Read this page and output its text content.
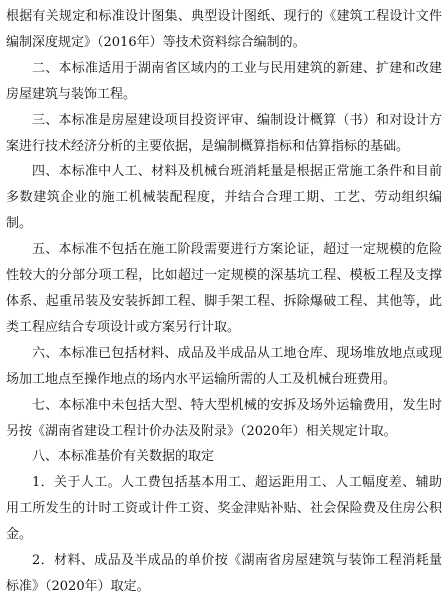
根据有关规定和标准设计图集、典型设计图纸、现行的《建筑工程设计文件编制深度规定》（2016年）等技术资料综合编制的。

二、本标准适用于湖南省区域内的工业与民用建筑的新建、扩建和改建房屋建筑与装饰工程。

三、本标准是房屋建设项目投资评审、编制设计概算（书）和对设计方案进行技术经济分析的主要依据，是编制概算指标和估算指标的基础。

四、本标准中人工、材料及机械台班消耗量是根据正常施工条件和目前多数建筑企业的施工机械装配程度，并结合合理工期、工艺、劳动组织编制。

五、本标准不包括在施工阶段需要进行方案论证，超过一定规模的危险性较大的分部分项工程，比如超过一定规模的深基坑工程、模板工程及支撑体系、起重吊装及安装拆卸工程、脚手架工程、拆除爆破工程、其他等，此类工程应结合专项设计或方案另行计取。

六、本标准已包括材料、成品及半成品从工地仓库、现场堆放地点或现场加工地点至操作地点的场内水平运输所需的人工及机械台班费用。

七、本标准中未包括大型、特大型机械的安拆及场外运输费用，发生时另按《湖南省建设工程计价办法及附录》（2020年）相关规定计取。

八、本标准基价有关数据的取定

1．关于人工。人工费包括基本用工、超运距用工、人工幅度差、辅助用工所发生的计时工资或计件工资、奖金津贴补贴、社会保险费及住房公积金。

2．材料、成品及半成品的单价按《湖南省房屋建筑与装饰工程消耗量标准》（2020年）取定。
